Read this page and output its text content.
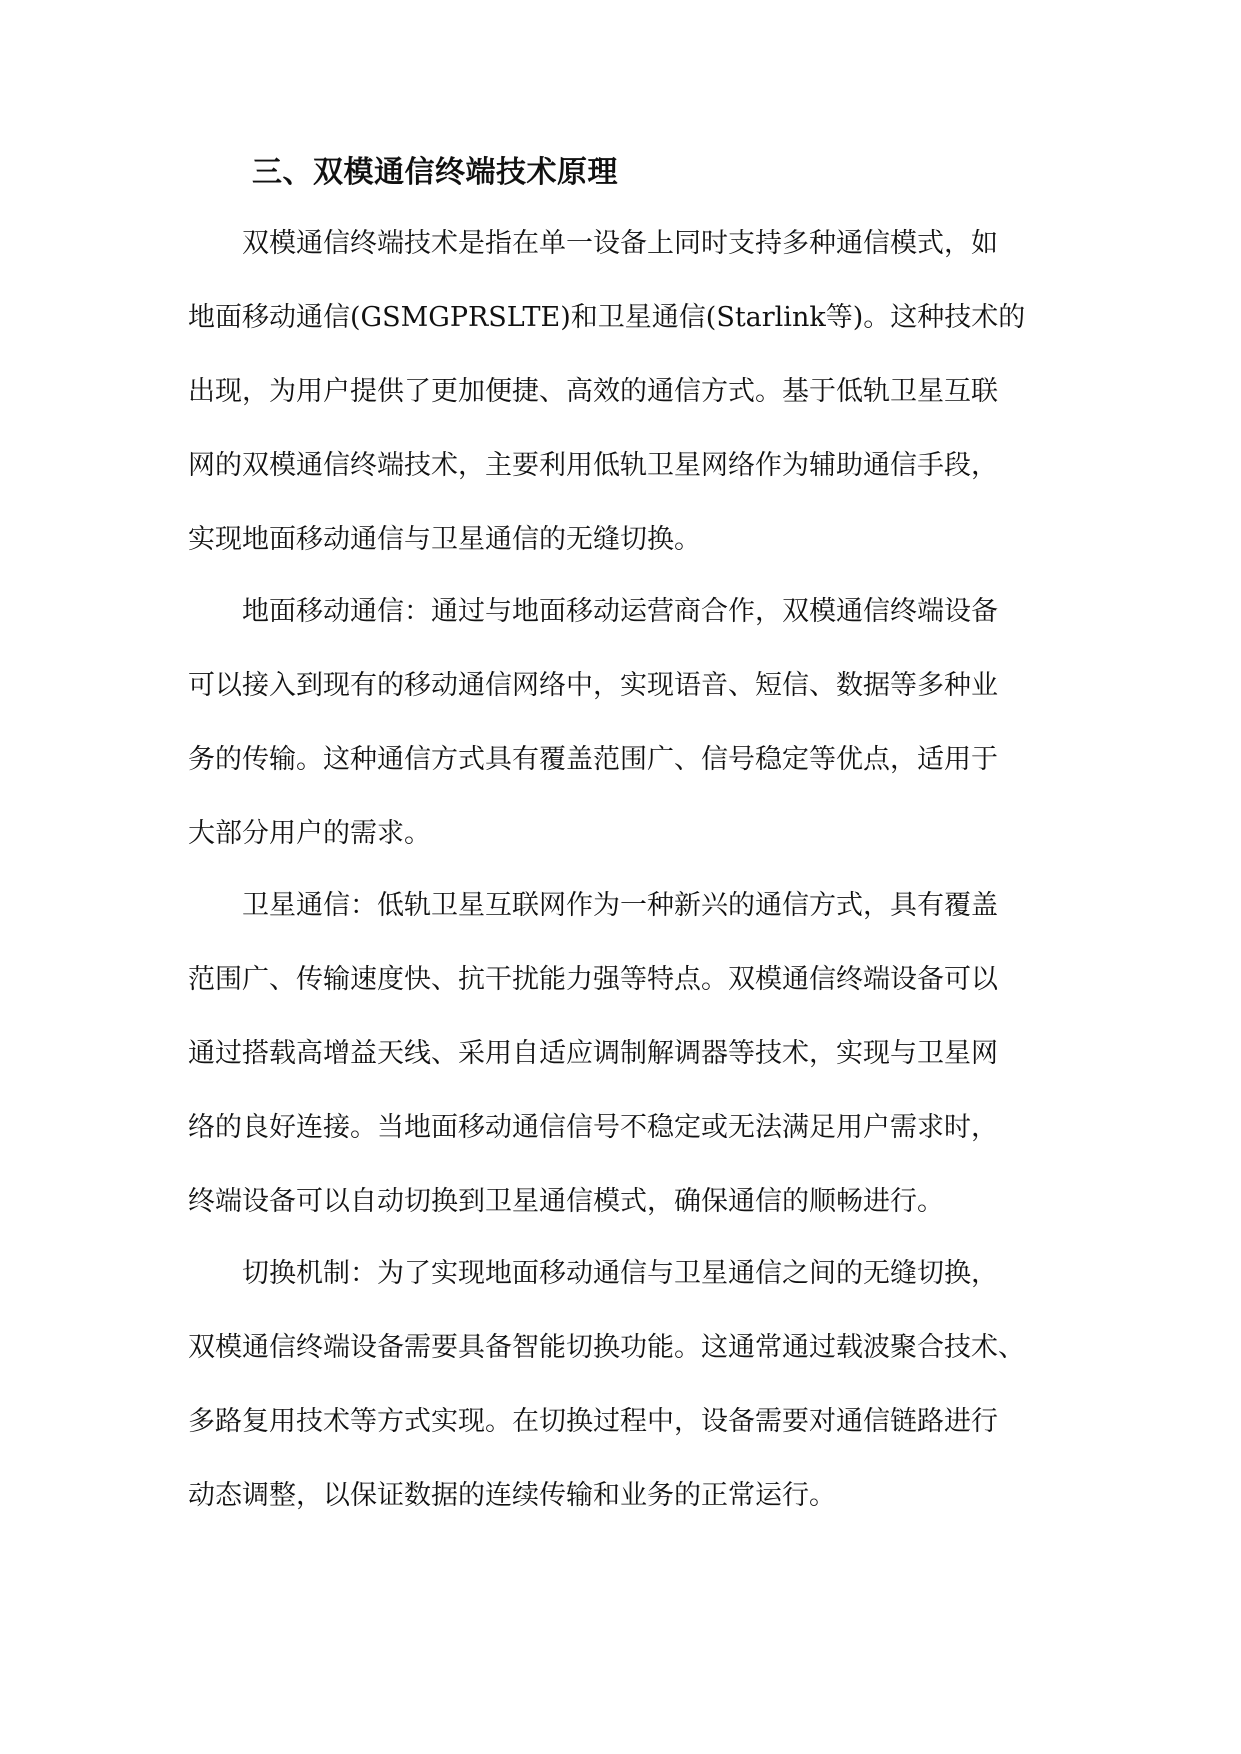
三、双模通信终端技术原理

双模通信终端技术是指在单一设备上同时支持多种通信模式，如
地面移动通信(GSMGPRSLTE)和卫星通信(Starlink等)。这种技术的
出现，为用户提供了更加便捷、高效的通信方式。基于低轨卫星互联
网的双模通信终端技术，主要利用低轨卫星网络作为辅助通信手段，
实现地面移动通信与卫星通信的无缝切换。

地面移动通信：通过与地面移动运营商合作，双模通信终端设备
可以接入到现有的移动通信网络中，实现语音、短信、数据等多种业
务的传输。这种通信方式具有覆盖范围广、信号稳定等优点，适用于
大部分用户的需求。

卫星通信：低轨卫星互联网作为一种新兴的通信方式，具有覆盖
范围广、传输速度快、抗干扰能力强等特点。双模通信终端设备可以
通过搭载高增益天线、采用自适应调制解调器等技术，实现与卫星网
络的良好连接。当地面移动通信信号不稳定或无法满足用户需求时，
终端设备可以自动切换到卫星通信模式，确保通信的顺畅进行。

切换机制：为了实现地面移动通信与卫星通信之间的无缝切换，
双模通信终端设备需要具备智能切换功能。这通常通过载波聚合技术、
多路复用技术等方式实现。在切换过程中，设备需要对通信链路进行
动态调整，以保证数据的连续传输和业务的正常运行。
